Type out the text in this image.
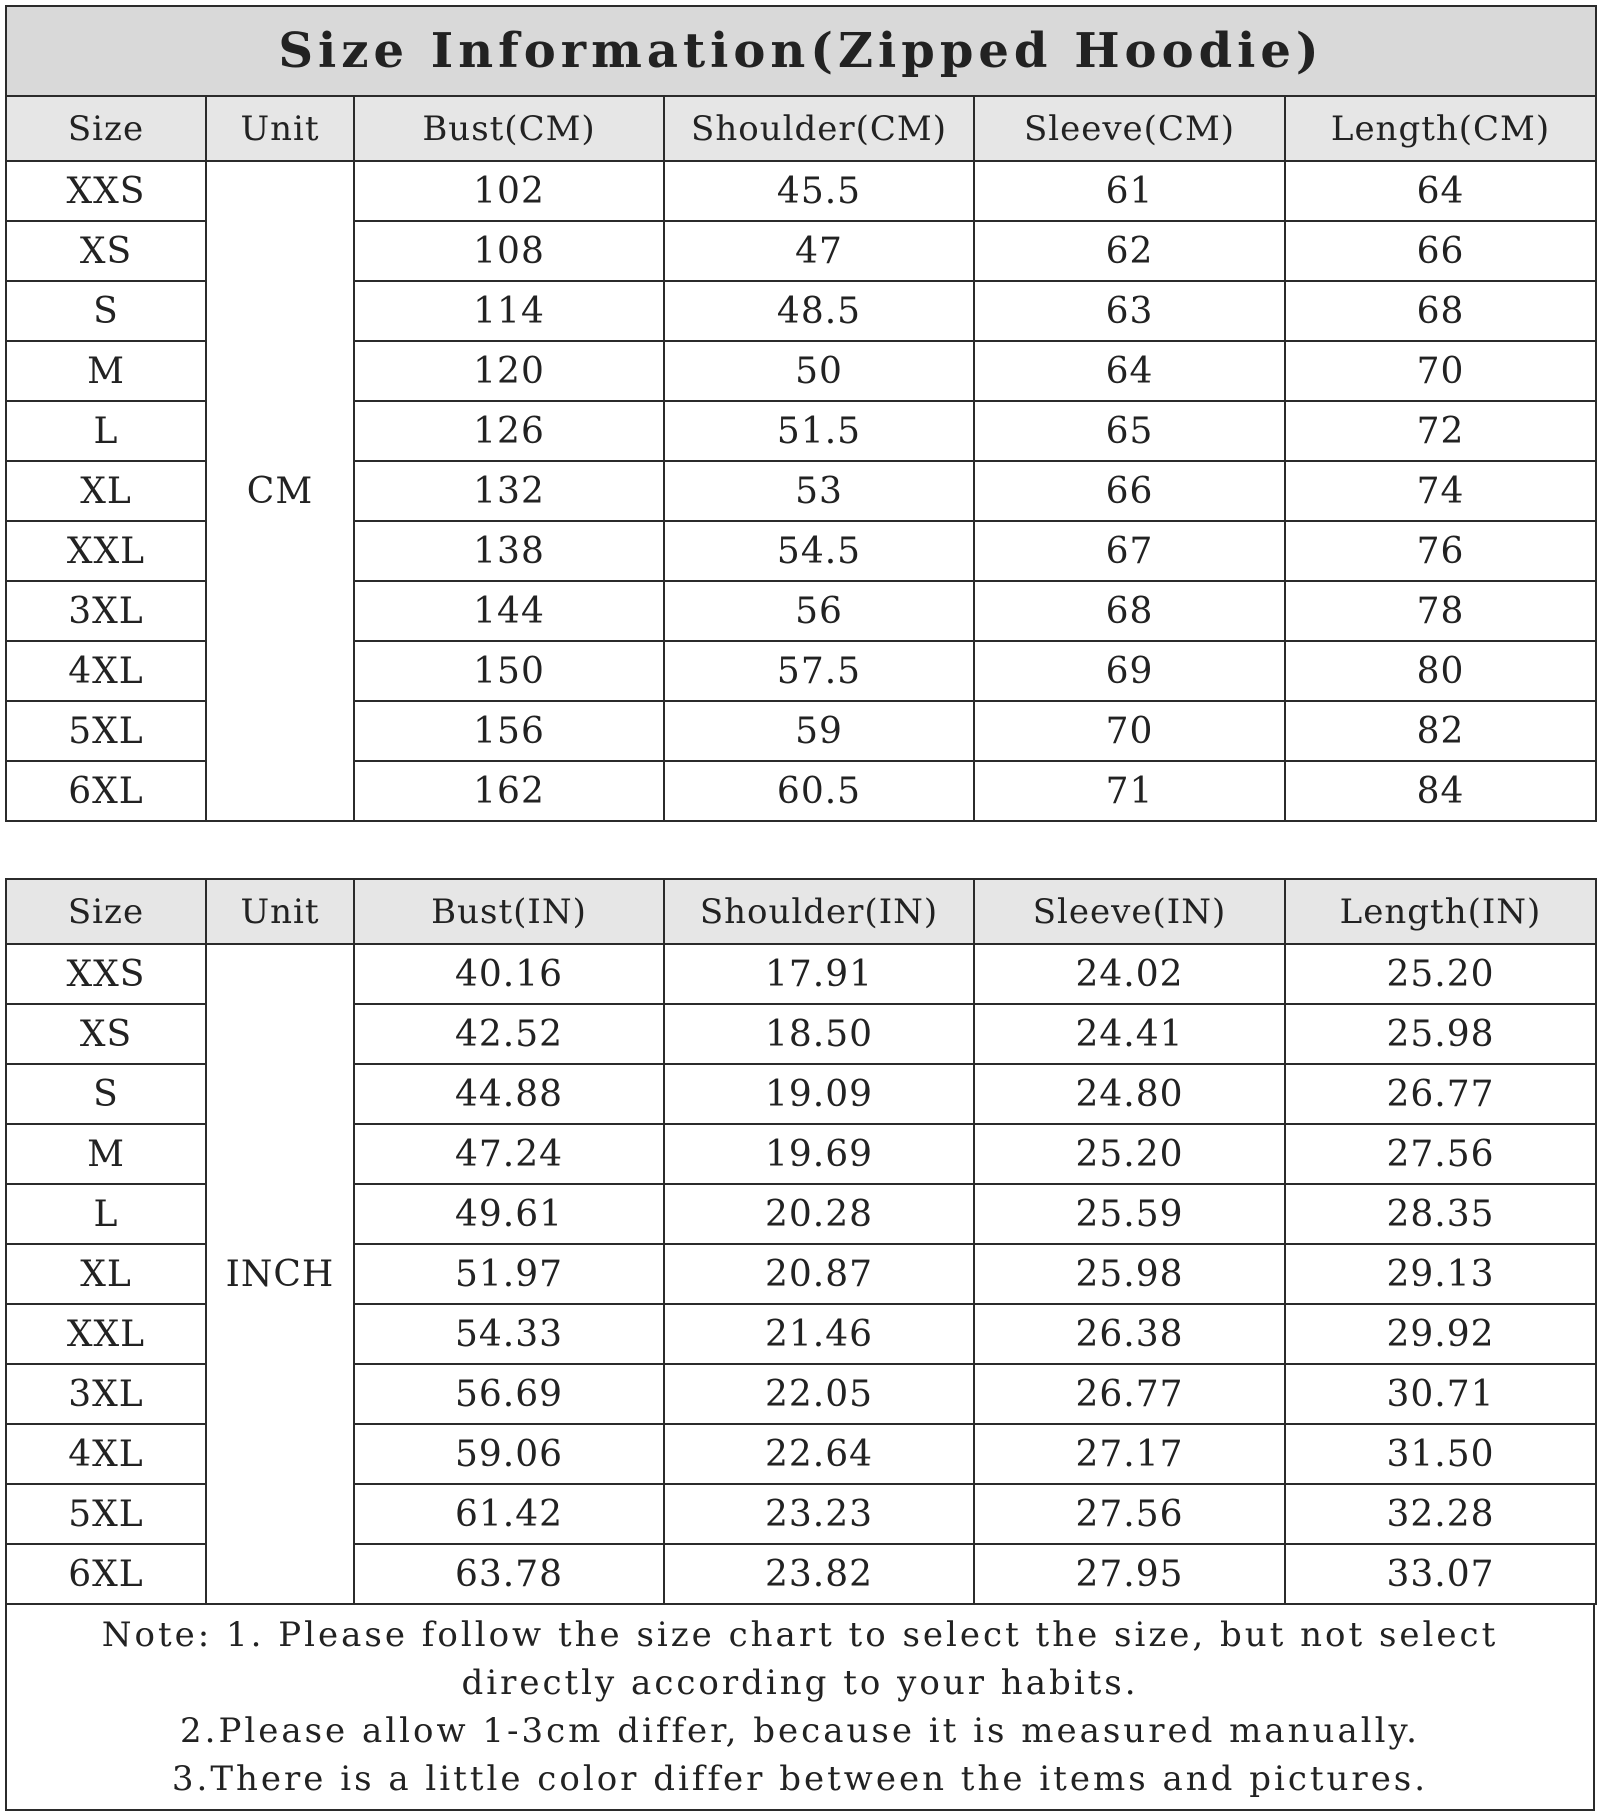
Size Information(Zipped Hoodie)					
Size	Unit	Bust(CM)	Shoulder(CM)	Sleeve(CM)	Length(CM)
XXS	CM	102	45.5	61	64
XS		108	47	62	66
S		114	48.5	63	68
M		120	50	64	70
L		126	51.5	65	72
XL		132	53	66	74
XXL		138	54.5	67	76
3XL		144	56	68	78
4XL		150	57.5	69	80
5XL		156	59	70	82
6XL		162	60.5	71	84
Size	Unit	Bust(IN)	Shoulder(IN)	Sleeve(IN)	Length(IN)
XXS	INCH	40.16	17.91	24.02	25.20
XS		42.52	18.50	24.41	25.98
S		44.88	19.09	24.80	26.77
M		47.24	19.69	25.20	27.56
L		49.61	20.28	25.59	28.35
XL		51.97	20.87	25.98	29.13
XXL		54.33	21.46	26.38	29.92
3XL		56.69	22.05	26.77	30.71
4XL		59.06	22.64	27.17	31.50
5XL		61.42	23.23	27.56	32.28
6XL		63.78	23.82	27.95	33.07

Note: 1. Please follow the size chart to select the size, but not select directly according to your habits.

2.Please allow 1-3cm differ, because it is measured manually.

3.There is a little color differ between the items and pictures.
